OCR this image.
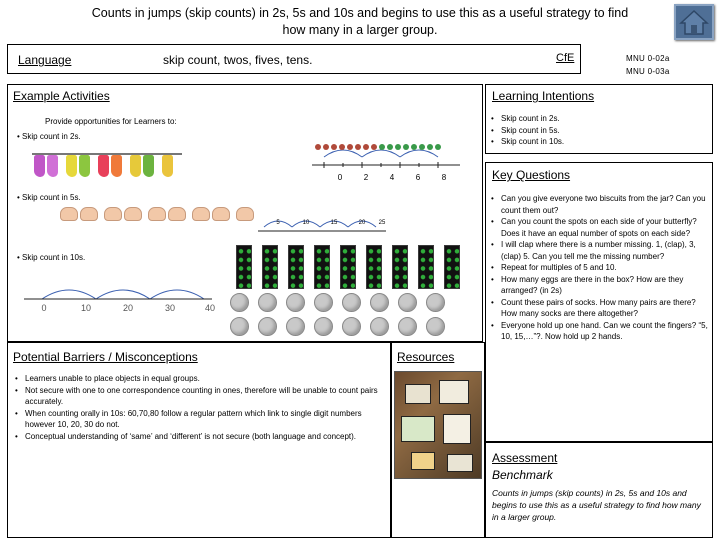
Counts in jumps (skip counts) in 2s, 5s and 10s and begins to use this as a useful strategy to find how many in a larger group.
Language	skip count, twos, fives, tens.	CfE	MNU 0-02a
MNU 0-03a
Example Activities
Provide opportunities for Learners to:
• Skip count in 2s.
• Skip count in 5s.
• Skip count in 10s.
0	2	4	6	8
5	10	15	20 25
0	10	20	30	40
Learning Intentions
• Skip count in 2s.
• Skip count in 5s.
• Skip count in 10s.
Key Questions
• Can you give everyone two biscuits from the jar? Can you count them out?
• Can you count the spots on each side of your butterfly? Does it have an equal number of spots on each side?
• I will clap where there is a number missing. 1, (clap), 3, (clap) 5. Can you tell me the missing number?
• Repeat for multiples of 5 and 10.
• How many eggs are there in the box? How are they arranged? (in 2s)
• Count these pairs of socks. How many pairs are there? How many socks are there altogether?
• Everyone hold up one hand. Can we count the fingers? “5, 10, 15,…”?. Now hold up 2 hands.
Potential Barriers / Misconceptions
• Learners unable to place objects in equal groups.
• Not secure with one to one correspondence counting in ones, therefore will be unable to count pairs accurately.
• When counting orally in 10s: 60,70,80 follow a regular pattern which link to single digit numbers however 10, 20, 30 do not.
• Conceptual understanding of ‘same’ and ‘different’ is not secure (both language and concept).
Resources
Assessment
Benchmark
Counts in jumps (skip counts) in 2s, 5s and 10s and begins to use this as a useful strategy to find how many in a larger group.
